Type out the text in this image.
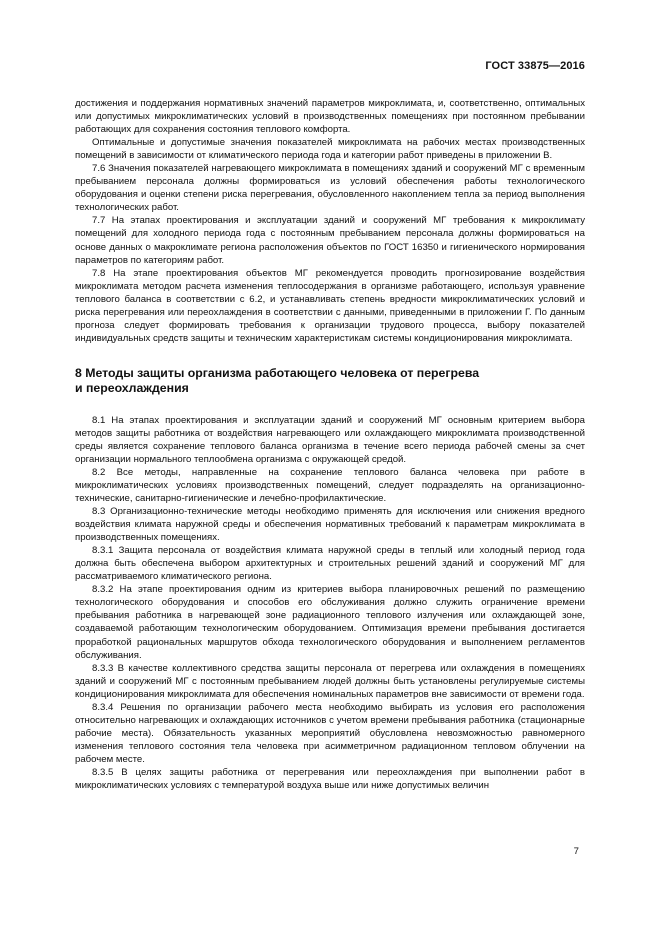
ГОСТ 33875—2016

достижения и поддержания нормативных значений параметров микроклимата, и, соответственно, оптимальных или допустимых микроклиматических условий в производственных помещениях при постоянном пребывании работающих для сохранения состояния теплового комфорта.

Оптимальные и допустимые значения показателей микроклимата на рабочих местах производственных помещений в зависимости от климатического периода года и категории работ приведены в приложении В.

7.6 Значения показателей нагревающего микроклимата в помещениях зданий и сооружений МГ с временным пребыванием персонала должны формироваться из условий обеспечения работы технологического оборудования и оценки степени риска перегревания, обусловленного накоплением тепла за период выполнения технологических работ.

7.7 На этапах проектирования и эксплуатации зданий и сооружений МГ требования к микроклимату помещений для холодного периода года с постоянным пребыванием персонала должны формироваться на основе данных о макроклимате региона расположения объектов по ГОСТ 16350 и гигиенического нормирования параметров по категориям работ.

7.8 На этапе проектирования объектов МГ рекомендуется проводить прогнозирование воздействия микроклимата методом расчета изменения теплосодержания в организме работающего, используя уравнение теплового баланса в соответствии с 6.2, и устанавливать степень вредности микроклиматических условий и риска перегревания или переохлаждения в соответствии с данными, приведенными в приложении Г. По данным прогноза следует формировать требования к организации трудового процесса, выбору показателей индивидуальных средств защиты и техническим характеристикам системы кондиционирования микроклимата.

8 Методы защиты организма работающего человека от перегрева
и переохлаждения

8.1 На этапах проектирования и эксплуатации зданий и сооружений МГ основным критерием выбора методов защиты работника от воздействия нагревающего или охлаждающего микроклимата производственной среды является сохранение теплового баланса организма в течение всего периода рабочей смены за счет организации нормального теплообмена организма с окружающей средой.

8.2 Все методы, направленные на сохранение теплового баланса человека при работе в микроклиматических условиях производственных помещений, следует подразделять на организационно-технические, санитарно-гигиенические и лечебно-профилактические.

8.3 Организационно-технические методы необходимо применять для исключения или снижения вредного воздействия климата наружной среды и обеспечения нормативных требований к параметрам микроклимата в производственных помещениях.

8.3.1 Защита персонала от воздействия климата наружной среды в теплый или холодный период года должна быть обеспечена выбором архитектурных и строительных решений зданий и сооружений МГ для рассматриваемого климатического региона.

8.3.2 На этапе проектирования одним из критериев выбора планировочных решений по размещению технологического оборудования и способов его обслуживания должно служить ограничение времени пребывания работника в нагревающей зоне радиационного теплового излучения или охлаждающей зоне, создаваемой работающим технологическим оборудованием. Оптимизация времени пребывания достигается проработкой рациональных маршрутов обхода технологического оборудования и выполнением регламентов обслуживания.

8.3.3 В качестве коллективного средства защиты персонала от перегрева или охлаждения в помещениях зданий и сооружений МГ с постоянным пребыванием людей должны быть установлены регулируемые системы кондиционирования микроклимата для обеспечения номинальных параметров вне зависимости от времени года.

8.3.4 Решения по организации рабочего места необходимо выбирать из условия его расположения относительно нагревающих и охлаждающих источников с учетом времени пребывания работника (стационарные рабочие места). Обязательность указанных мероприятий обусловлена невозможностью равномерного изменения теплового состояния тела человека при асимметричном радиационном тепловом облучении на рабочем месте.

8.3.5 В целях защиты работника от перегревания или переохлаждения при выполнении работ в микроклиматических условиях с температурой воздуха выше или ниже допустимых величин

7
